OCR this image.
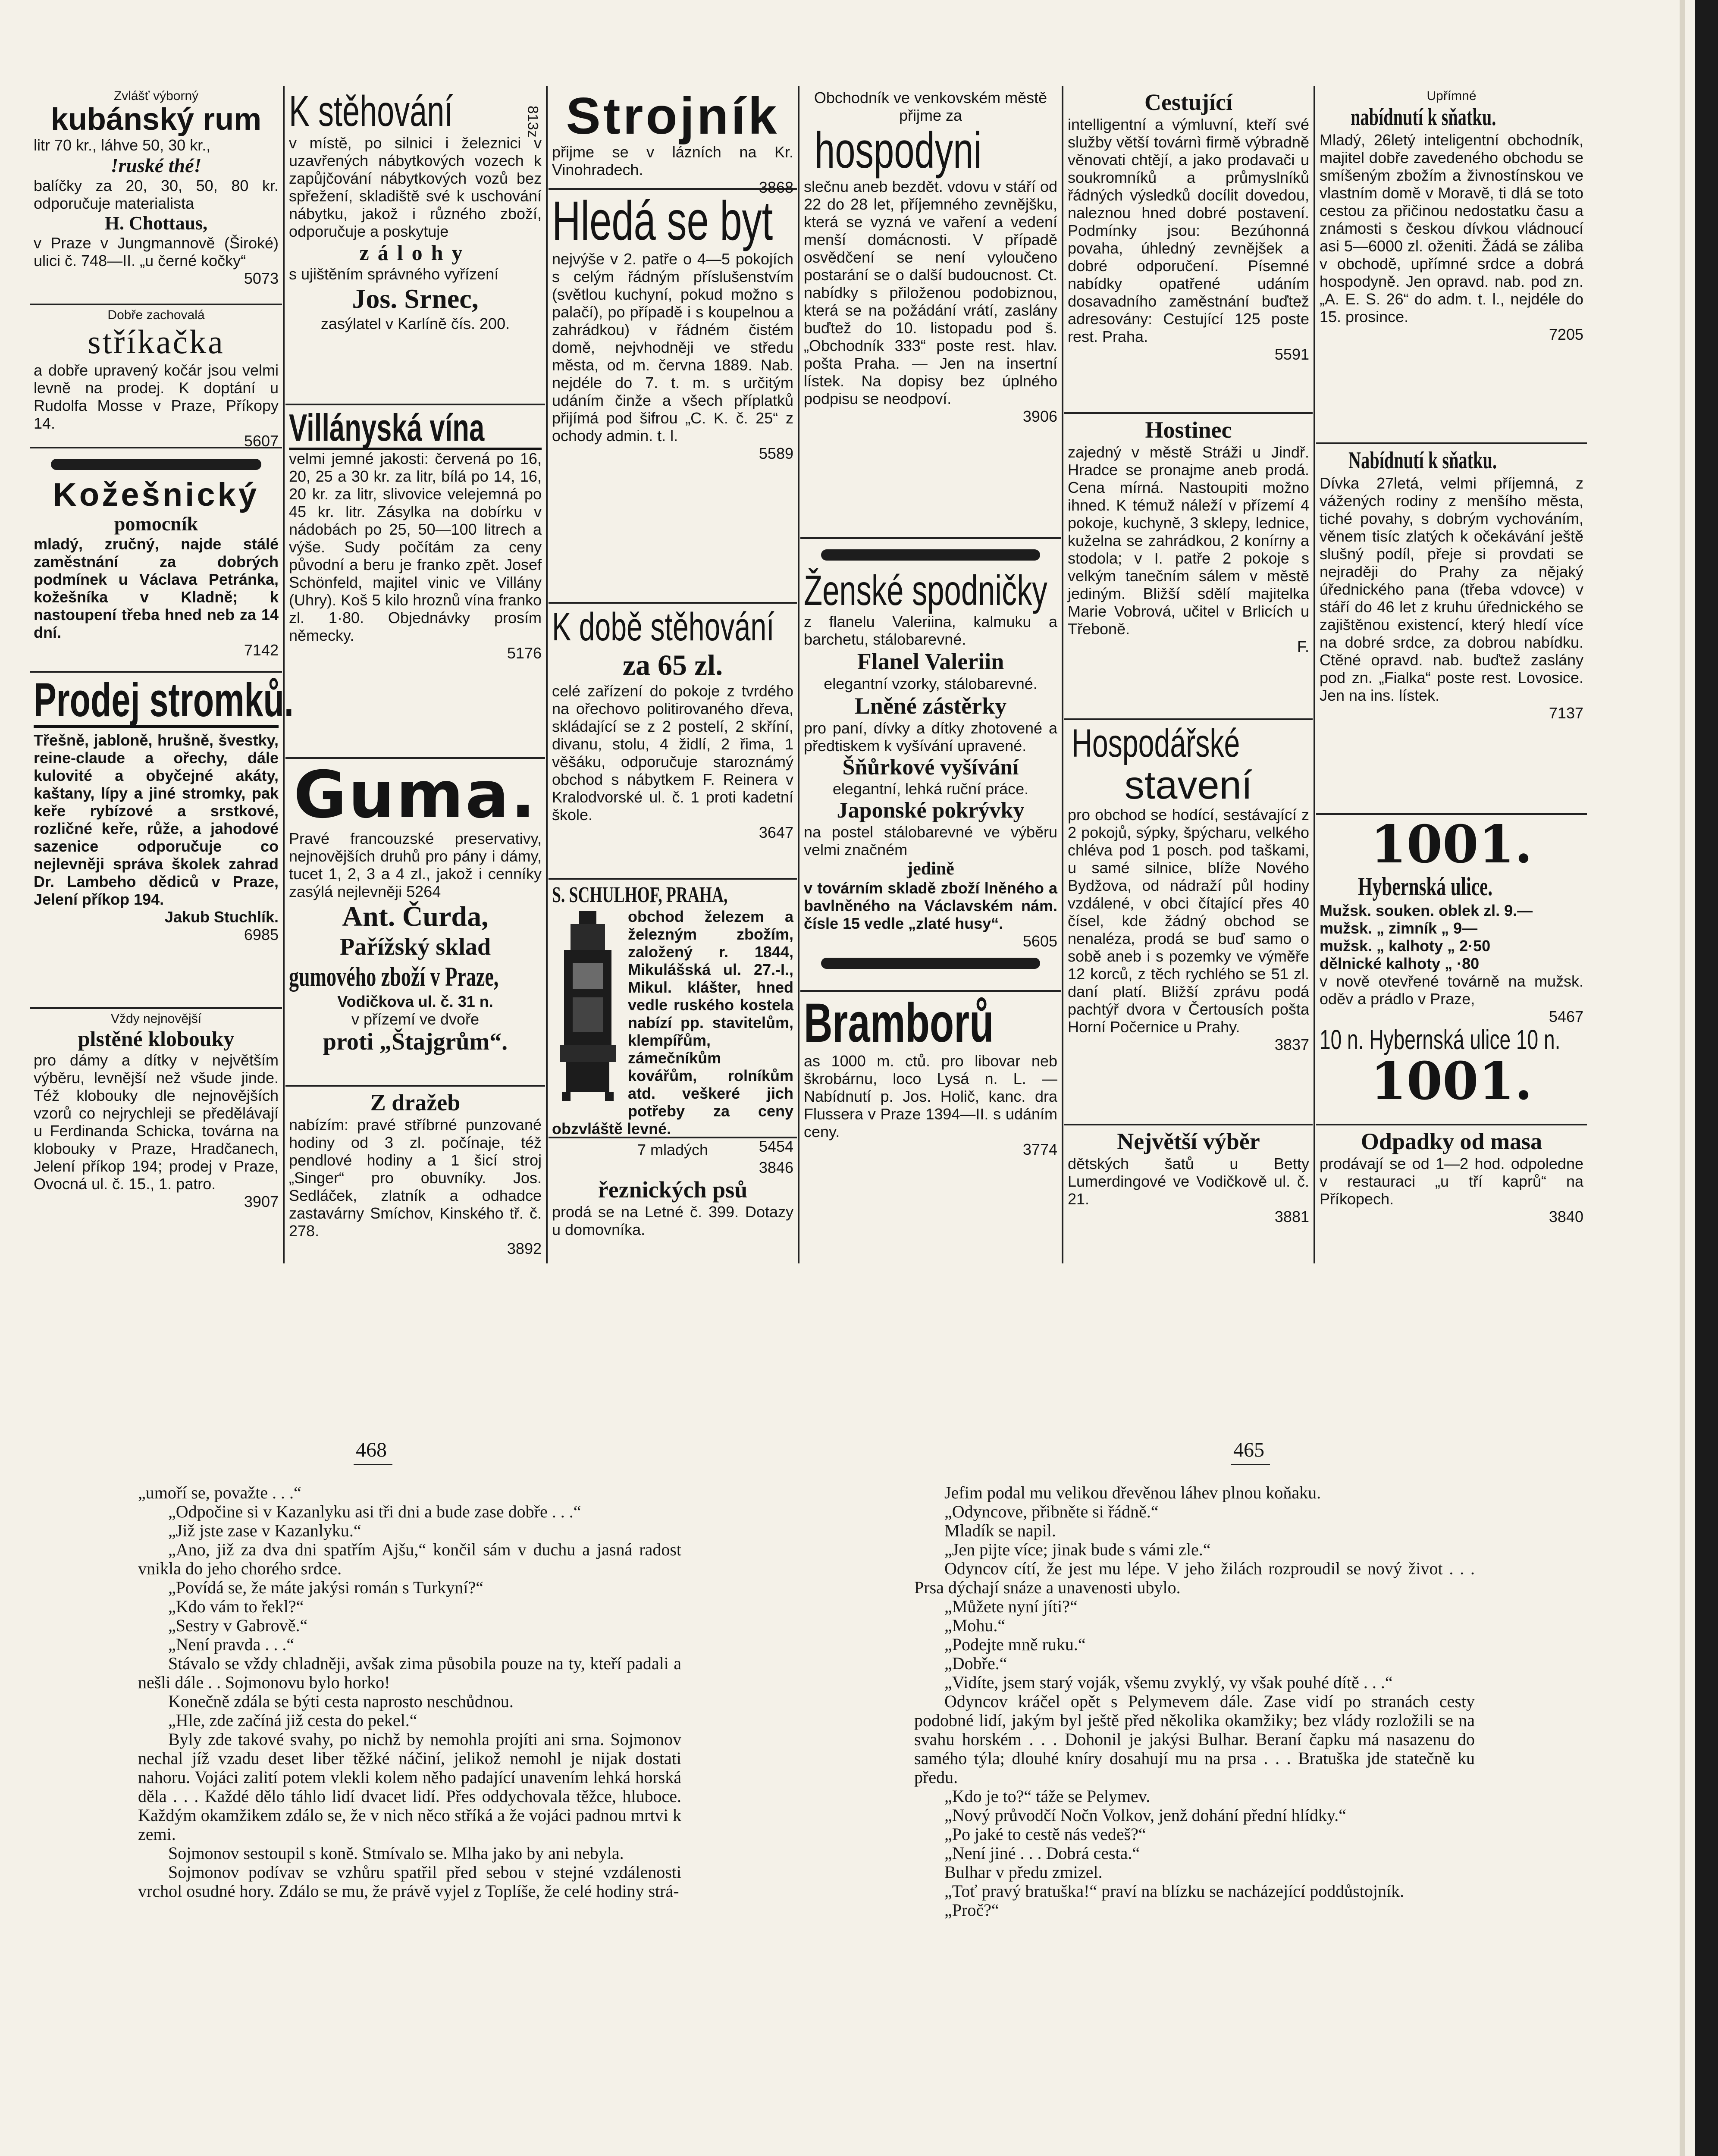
Zvlášť výborný

kubánský rum

litr 70 kr., láhve 50, 30 kr.,

!ruské thé!

balíčky za 20, 30, 50, 80 kr. odporučuje materialista

H. Chottaus,

v Praze v Jungmannově (Široké) ulici č. 748—II. „u černé kočky“

5073

Dobře zachovalá

stříkačka

a dobře upravený kočár jsou velmi levně na prodej. K doptání u Rudolfa Mosse v Praze, Příkopy 14.

5607

Kožešnický

pomocník

mladý, zručný, najde stálé zaměstnání za dobrých podmínek u Václava Petránka, kožešníka v Kladně; k nastoupení třeba hned neb za 14 dní.

7142

Prodej stromků.

Třešně, jabloně, hrušně, švestky, reine-claude a ořechy, dále kulovité a obyčejné akáty, kaštany, lípy a jiné stromky, pak keře rybízové a srstkové, rozličné keře, růže, a jahodové sazenice odporučuje co nejlevněji správa školek zahrad Dr. Lambeho dědiců v Praze, Jelení příkop 194.

Jakub Stuchlík.

6985

Vždy nejnovější

plstěné klobouky

pro dámy a dítky v největším výběru, levnější než všude jinde. Též klobouky dle nejnovějších vzorů co nejrychleji se předělávají u Ferdinanda Schicka, továrna na klobouky v Praze, Hradčanech, Jelení příkop 194; prodej v Praze, Ovocná ul. č. 15., 1. patro.

3907

K stěhování	813z

v místě, po silnici i železnici v uzavřených nábytkových vozech k zapůjčování nábytkových vozů bez spřežení, skladiště své k uschování nábytku, jakož i různého zboží, odporučuje a poskytuje

zálohy

s ujištěním správného vyřízení

Jos. Srnec,

zasýlatel v Karlíně čís. 200.

Villányská vína

velmi jemné jakosti: červená po 16, 20, 25 a 30 kr. za litr, bílá po 14, 16, 20 kr. za litr, slivovice velejemná po 45 kr. litr. Zásylka na dobírku v nádobách po 25, 50—100 litrech a výše. Sudy počítám za ceny původní a beru je franko zpět. Josef Schönfeld, majitel vinic ve Villány (Uhry). Koš 5 kilo hroznů vína franko zl. 1·80. Objednávky prosím německy.

5176

Guma.

Pravé francouzské preservativy, nejnovějších druhů pro pány i dámy, tucet 1, 2, 3 a 4 zl., jakož i cenníky zasýlá nejlevněji 5264

Ant. Čurda,

Pařížský sklad

gumového zboží v Praze,

Vodičkova ul. č. 31 n.

v přízemí ve dvoře

proti „Štajgrům“.

Z dražeb

nabízím: pravé stříbrné punzované hodiny od 3 zl. počínaje, též pendlové hodiny a 1 šicí stroj „Singer“ pro obuvníky. Jos. Sedláček, zlatník a odhadce zastavárny Smíchov, Kinského tř. č. 278.

3892

Strojník

přijme se v lázních na Kr. Vinohradech.

3868

Hledá se byt

nejvýše v 2. patře o 4—5 pokojích s celým řádným příslušenstvím (světlou kuchyní, pokud možno s palačí), po případě i s koupelnou a zahrádkou) v řádném čistém domě, nejvhodněji ve středu města, od m. června 1889. Nab. nejdéle do 7. t. m. s určitým udáním činže a všech příplatků přijímá pod šifrou „C. K. č. 25“ z ochody admin. t. l.

5589

K době stěhování

za 65 zl.

celé zařízení do pokoje z tvrdého na ořechovo politirovaného dřeva, skládající se z 2 postelí, 2 skříní, divanu, stolu, 4 židlí, 2 řima, 1 věšáku, odporučuje staroznámý obchod s nábytkem F. Reinera v Kralodvorské ul. č. 1 proti kadetní škole.

3647

S. SCHULHOF, PRAHA,

obchod železem a železným zbožím, založený r. 1844, Mikulášská ul. 27.-I., Mikul. klášter, hned vedle ruského kostela nabízí pp. stavitelům, klempířům, zámečníkům kovářům, rolníkům atd. veškeré jich potřeby za ceny obzvláště levné.

5454

7 mladých

3846

řeznických psů

prodá se na Letné č. 399. Dotazy u domovníka.

Obchodník ve venkovském městě přijme za

hospodyni

slečnu aneb bezdět. vdovu v stáří od 22 do 28 let, příjemného zevnějšku, která se vyzná ve vaření a vedení menší domácnosti. V případě osvědčení se není vyloučeno postarání se o další budoucnost. Ct. nabídky s přiloženou podobiznou, která se na požádání vrátí, zaslány buďtež do 10. listopadu pod š. „Obchodník 333“ poste rest. hlav. pošta Praha. — Jen na insertní lístek. Na dopisy bez úplného podpisu se neodpoví.

3906

Ženské spodničky

z flanelu Valeriina, kalmuku a barchetu, stálobarevné.

Flanel Valeriin

elegantní vzorky, stálobarevné.

Lněné zástěrky

pro paní, dívky a dítky zhotovené a předtiskem k vyšívání upravené.

Šňůrkové vyšívání

elegantní, lehká ruční práce.

Japonské pokrývky

na postel stálobarevné ve výběru velmi značném

jedině

v továrním skladě zboží lněného a bavlněného na Václavském nám. čísle 15 vedle „zlaté husy“.

5605

Bramborů

as 1000 m. ctů. pro libovar neb škrobárnu, loco Lysá n. L. — Nabídnutí p. Jos. Holič, kanc. dra Flussera v Praze 1394—II. s udáním ceny.

3774

Cestující

intelligentní a výmluvní, kteří své služby větší továrnì firmě výbradně věnovati chtějí, a jako prodavači u soukromníků a průmyslníků řádných výsledků docílit dovedou, naleznou hned dobré postavení. Podmínky jsou: Bezúhonná povaha, úhledný zevnějšek a dobré odporučení. Písemné nabídky opatřené udáním dosavadního zaměstnání buďtež adresovány: Cestující 125 poste rest. Praha.

5591

Hostinec

zajedný v městě Stráži u Jindř. Hradce se pronajme aneb prodá. Cena mírná. Nastoupiti možno ihned. K témuž náleží v přízemí 4 pokoje, kuchyně, 3 sklepy, lednice, kuželna se zahrádkou, 2 konírny a stodola; v I. patře 2 pokoje s velkým tanečním sálem v městě jediným. Bližší sdělí majitelka Marie Vobrová, učitel v Brlicích u Třeboně.

F.

Hospodářské

stavení

pro obchod se hodící, sestávající z 2 pokojů, sýpky, špýcharu, velkého chléva pod 1 posch. pod taškami, u samé silnice, blíže Nového Bydžova, od nádraží půl hodiny vzdálené, v obci čítající přes 40 čísel, kde žádný obchod se nenaléza, prodá se buď samo o sobě aneb i s pozemky ve výměře 12 korců, z těch rychlého se 51 zl. daní platí. Bližší zprávu podá pachtýř dvora v Čertousích pošta Horní Počernice u Prahy.

3837

Největší výběr

dětských šatů u Betty Lumerdingové ve Vodičkově ul. č. 21.

3881

Upřímné

nabídnutí k sňatku.

Mladý, 26letý inteligentní obchodník, majitel dobře zavedeného obchodu se smíšeným zbožím a živnostínskou ve vlastním domě v Moravě, ti dlá se toto cestou za přičinou nedostatku času a známosti s českou dívkou vládnoucí asi 5—6000 zl. oženiti. Žádá se záliba v obchodě, upřímné srdce a dobrá hospodyně. Jen opravd. nab. pod zn. „A. E. S. 26“ do adm. t. l., nejdéle do 15. prosince.

7205

Nabídnutí k sňatku.

Dívka 27letá, velmi příjemná, z vážených rodiny z menšího města, tiché povahy, s dobrým vychováním, věnem tisíc zlatých k očekávání ještě slušný podíl, přeje si provdati se nejraději do Prahy za nějaký úřednického pana (třeba vdovce) v stáří do 46 let z kruhu úřednického se zajištěnou existencí, který hledí více na dobré srdce, za dobrou nabídku. Ctěné opravd. nab. buďtež zaslány pod zn. „Fialka“ poste rest. Lovosice. Jen na ins. lístek.

7137

1001.

Hybernská ulice.

Mužsk. souken. oblek zl. 9.—

mužsk. „ zimník „ 9—

mužsk. „ kalhoty „ 2·50

dělnické kalhoty „ ·80

v nově otevřené továrně na mužsk. oděv a prádlo v Praze,

5467

10 n. Hybernská ulice 10 n.

1001.

Odpadky od masa

prodávají se od 1—2 hod. odpoledne v restauraci „u tří kaprů“ na Příkopech.

3840

468

„umoří se, považte . . .“

„Odpočine si v Kazanlyku asi tři dni a bude zase dobře . . .“

„Již jste zase v Kazanlyku.“

„Ano, již za dva dni spatřím Ajšu,“ končil sám v duchu a jasná radost vnikla do jeho chorého srdce.

„Povídá se, že máte jakýsi román s Turkyní?“

„Kdo vám to řekl?“

„Sestry v Gabrově.“

„Není pravda . . .“

Stávalo se vždy chladněji, avšak zima působila pouze na ty, kteří padali a nešli dále . . Sojmonovu bylo horko!

Konečně zdála se býti cesta naprosto neschůdnou.

„Hle, zde začíná již cesta do pekel.“

Byly zde takové svahy, po nichž by nemohla projíti ani srna. Sojmonov nechal jíž vzadu deset liber těžké náčiní, jelikož nemohl je nijak dostati nahoru. Vojáci zalití potem vlekli kolem něho padající unavením lehká horská děla . . . Každé dělo táhlo lidí dvacet lidí. Přes oddychovala těžce, hluboce. Každým okamžikem zdálo se, že v nich něco stříká a že vojáci padnou mrtvi k zemi.

Sojmonov sestoupil s koně. Stmívalo se. Mlha jako by ani nebyla.

Sojmonov podívav se vzhůru spatřil před sebou v stejné vzdálenosti vrchol osudné hory. Zdálo se mu, že právě vyjel z Toplíše, že celé hodiny strá-

465

Jefim podal mu velikou dřevěnou láhev plnou koňaku.

„Odyncove, přibněte si řádně.“

Mladík se napil.

„Jen pijte více; jinak bude s vámi zle.“

Odyncov cítí, že jest mu lépe. V jeho žilách rozproudil se nový život . . . Prsa dýchají snáze a unavenosti ubylo.

„Můžete nyní jíti?“

„Mohu.“

„Podejte mně ruku.“

„Dobře.“

„Vidíte, jsem starý voják, všemu zvyklý, vy však pouhé dítě . . .“

Odyncov kráčel opět s Pelymevem dále. Zase vidí po stranách cesty podobné lidí, jakým byl ještě před několika okamžiky; bez vlády rozložili se na svahu horském . . . Dohonil je jakýsi Bulhar. Beraní čapku má nasazenu do samého týla; dlouhé kníry dosahují mu na prsa . . . Bratuška jde statečně ku předu.

„Kdo je to?“ táže se Pelymev.

„Nový průvodčí Nočn Volkov, jenž dohání přední hlídky.“

„Po jaké to cestě nás vedeš?“

„Není jiné . . . Dobrá cesta.“

Bulhar v předu zmizel.

„Toť pravý bratuška!“ praví na blízku se nacházející poddůstojník.

„Proč?“
